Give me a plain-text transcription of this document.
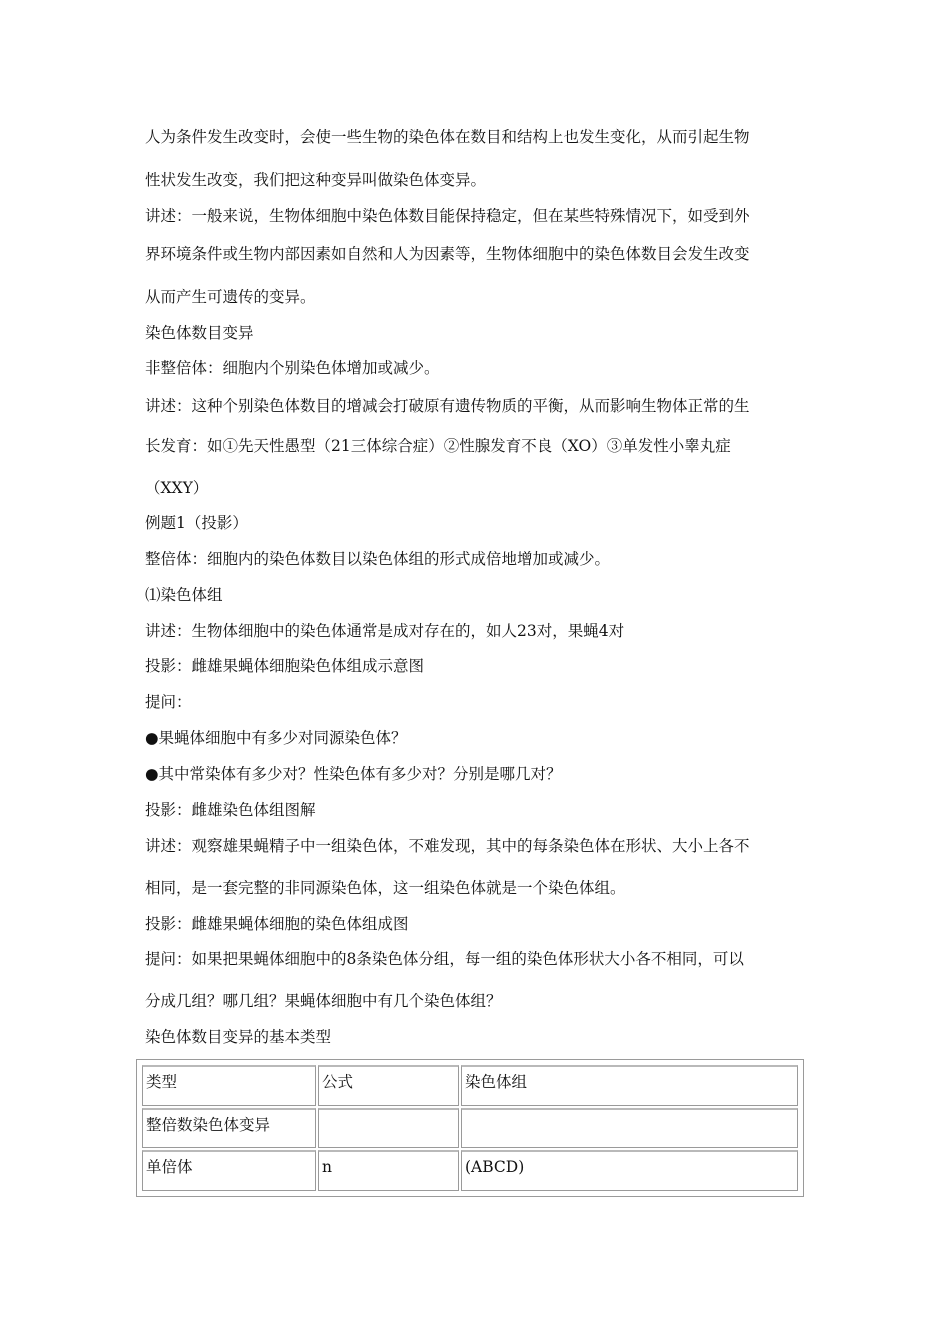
人为条件发生改变时，会使一些生物的染色体在数目和结构上也发生变化，从而引起生物
性状发生改变，我们把这种变异叫做染色体变异。
讲述：一般来说，生物体细胞中染色体数目能保持稳定，但在某些特殊情况下，如受到外
界环境条件或生物内部因素如自然和人为因素等，生物体细胞中的染色体数目会发生改变
从而产生可遗传的变异。
染色体数目变异
非整倍体：细胞内个别染色体增加或减少。
讲述：这种个别染色体数目的增减会打破原有遗传物质的平衡，从而影响生物体正常的生
长发育：如①先天性愚型（21三体综合症）②性腺发育不良（XO）③单发性小睾丸症
（XXY）
例题1（投影）
整倍体：细胞内的染色体数目以染色体组的形式成倍地增加或减少。
⑴染色体组
讲述：生物体细胞中的染色体通常是成对存在的，如人23对，果蝇4对
投影：雌雄果蝇体细胞染色体组成示意图
提问：
●果蝇体细胞中有多少对同源染色体？
●其中常染体有多少对？性染色体有多少对？分别是哪几对？
投影：雌雄染色体组图解
讲述：观察雄果蝇精子中一组染色体，不难发现，其中的每条染色体在形状、大小上各不
相同，是一套完整的非同源染色体，这一组染色体就是一个染色体组。
投影：雌雄果蝇体细胞的染色体组成图
提问：如果把果蝇体细胞中的8条染色体分组，每一组的染色体形状大小各不相同，可以
分成几组？哪几组？果蝇体细胞中有几个染色体组？
染色体数目变异的基本类型
类型	公式	染色体组
整倍数染色体变异		
单倍体	n	(ABCD)
